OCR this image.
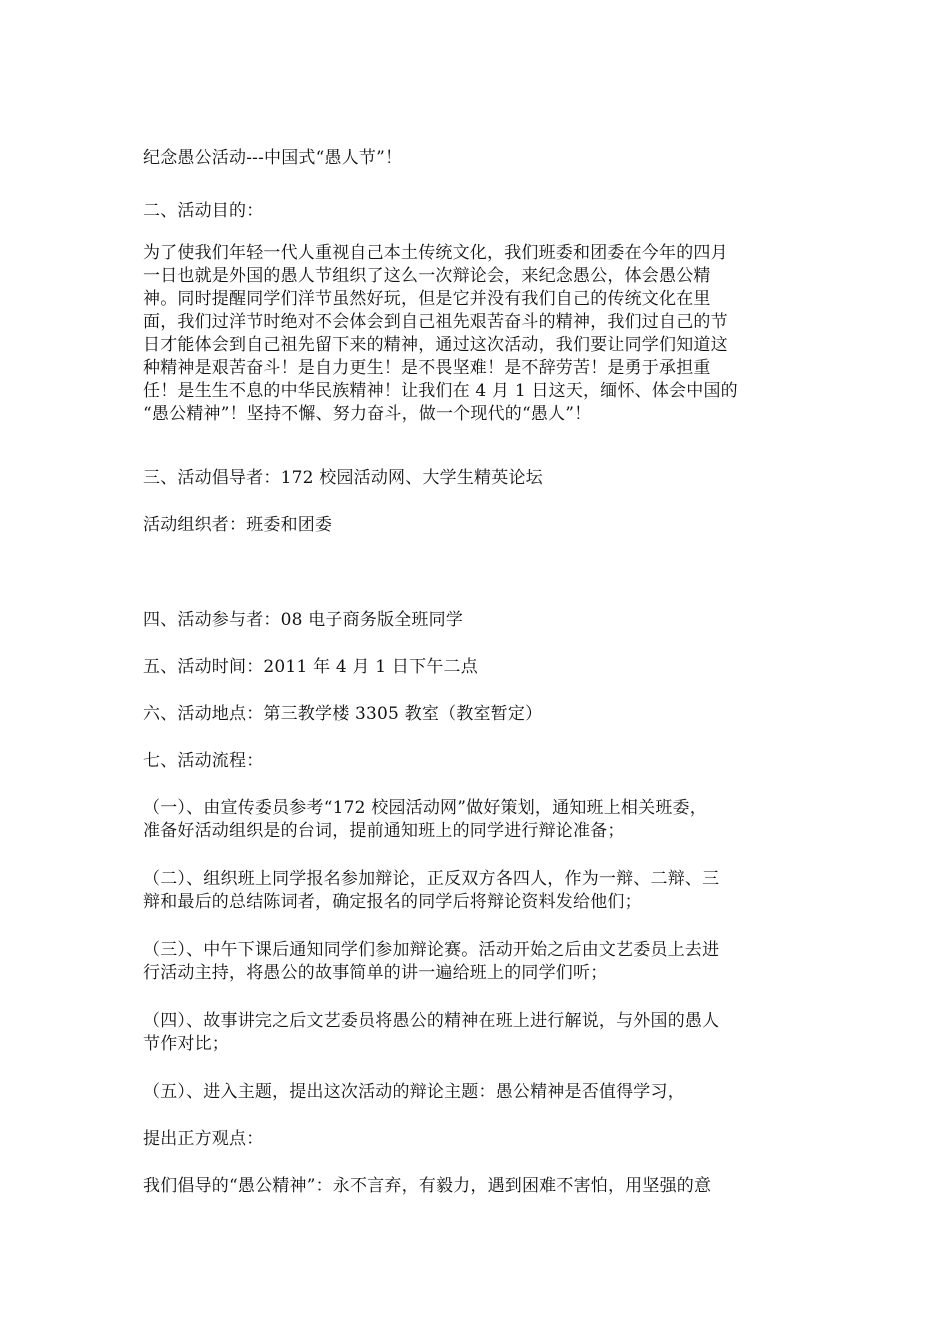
纪念愚公活动---中国式“愚人节”！

二、活动目的：

为了使我们年轻一代人重视自己本土传统文化，我们班委和团委在今年的四月
一日也就是外国的愚人节组织了这么一次辩论会，来纪念愚公，体会愚公精
神。同时提醒同学们洋节虽然好玩，但是它并没有我们自己的传统文化在里
面，我们过洋节时绝对不会体会到自己祖先艰苦奋斗的精神，我们过自己的节
日才能体会到自己祖先留下来的精神，通过这次活动，我们要让同学们知道这
种精神是艰苦奋斗！是自力更生！是不畏坚难！是不辞劳苦！是勇于承担重
任！是生生不息的中华民族精神！让我们在 4 月 1 日这天，缅怀、体会中国的
“愚公精神”！坚持不懈、努力奋斗，做一个现代的“愚人”！

三、活动倡导者：172 校园活动网、大学生精英论坛

活动组织者：班委和团委

四、活动参与者：08 电子商务版全班同学

五、活动时间：2011 年 4 月 1 日下午二点

六、活动地点：第三教学楼 3305 教室（教室暂定）

七、活动流程：

（一）、由宣传委员参考“172 校园活动网”做好策划，通知班上相关班委，
准备好活动组织是的台词，提前通知班上的同学进行辩论准备；

（二）、组织班上同学报名参加辩论，正反双方各四人，作为一辩、二辩、三
辩和最后的总结陈词者，确定报名的同学后将辩论资料发给他们；

（三）、中午下课后通知同学们参加辩论赛。活动开始之后由文艺委员上去进
行活动主持，将愚公的故事简单的讲一遍给班上的同学们听；

（四）、故事讲完之后文艺委员将愚公的精神在班上进行解说，与外国的愚人
节作对比；

（五）、进入主题，提出这次活动的辩论主题：愚公精神是否值得学习，

提出正方观点：

我们倡导的“愚公精神”：永不言弃，有毅力，遇到困难不害怕，用坚强的意
